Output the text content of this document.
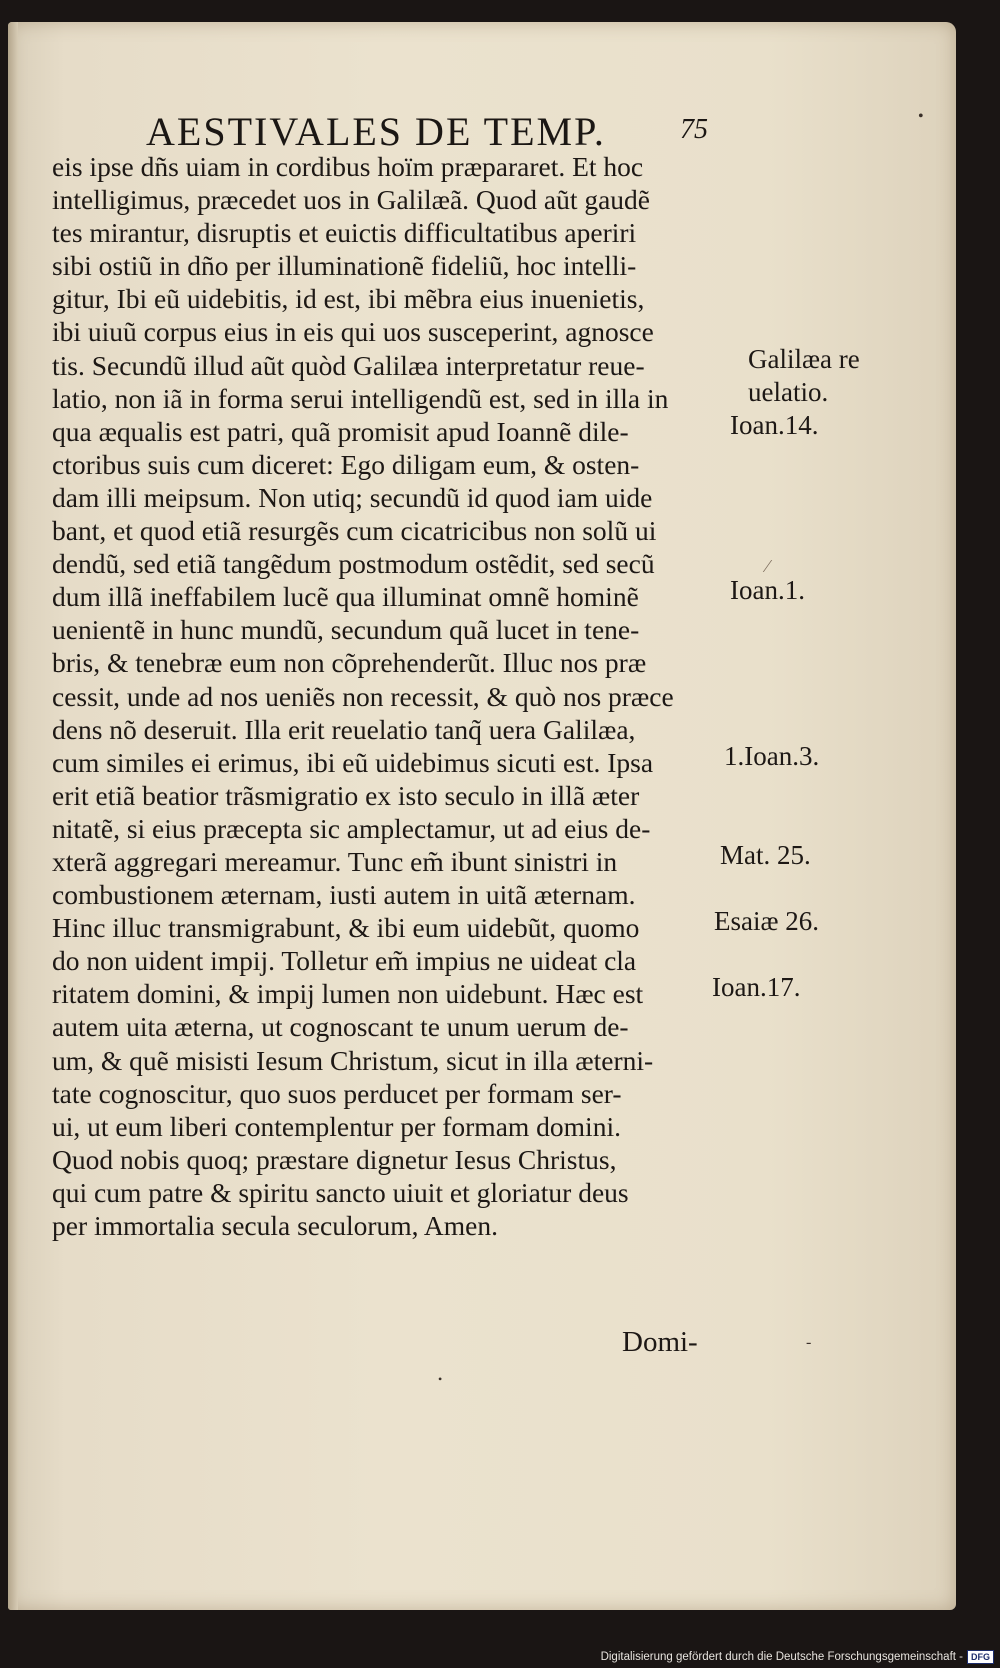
AESTIVALES DE TEMP.	75	•
eis ipse dñs uiam in cordibus hoïm præpararet. Et hoc
intelligimus, præcedet uos in Galilæã. Quod aũt gaudẽ
tes mirantur, disruptis et euictis difficultatibus aperiri
sibi ostiũ in dño per illuminationẽ fideliũ, hoc intelli-
gitur, Ibi eũ uidebitis, id est, ibi mẽbra eius inuenietis,
ibi uiuũ corpus eius in eis qui uos susceperint, agnosce
tis. Secundũ illud aũt quòd Galilæa interpretatur reue-
latio, non iã in forma serui intelligendũ est, sed in illa in
qua æqualis est patri, quã promisit apud Ioannẽ dile-
ctoribus suis cum diceret: Ego diligam eum, & osten-
dam illi meipsum. Non utiq; secundũ id quod iam uide
bant, et quod etiã resurgẽs cum cicatricibus non solũ ui
dendũ, sed etiã tangẽdum postmodum ostẽdit, sed secũ
dum illã ineffabilem lucẽ qua illuminat omnẽ hominẽ
uenientẽ in hunc mundũ, secundum quã lucet in tene-
bris, & tenebræ eum non cõprehenderũt. Illuc nos præ
cessit, unde ad nos ueniẽs non recessit, & quò nos præce
dens nõ deseruit. Illa erit reuelatio tanq̃ uera Galilæa,
cum similes ei erimus, ibi eũ uidebimus sicuti est. Ipsa
erit etiã beatior trãsmigratio ex isto seculo in illã æter
nitatẽ, si eius præcepta sic amplectamur, ut ad eius de-
xterã aggregari mereamur. Tunc em̃ ibunt sinistri in
combustionem æternam, iusti autem in uitã æternam.
Hinc illuc transmigrabunt, & ibi eum uidebũt, quomo
do non uident impij. Tolletur em̃ impius ne uideat cla
ritatem domini, & impij lumen non uidebunt. Hæc est
autem uita æterna, ut cognoscant te unum uerum de-
um, & quẽ misisti Iesum Christum, sicut in illa æterni-
tate cognoscitur, quo suos perducet per formam ser-
ui, ut eum liberi contemplentur per formam domini.
Quod nobis quoq; præstare dignetur Iesus Christus,
qui cum patre & spiritu sancto uiuit et gloriatur deus
per immortalia secula seculorum, Amen.
Galilæa re
uelatio.
Ioan.14.
Ioan.1.
1.Ioan.3.
Mat. 25.
Esaiæ 26.
Ioan.17.
⁄
Domi-	-
•
Digitalisierung gefördert durch die Deutsche Forschungsgemeinschaft - DFG
